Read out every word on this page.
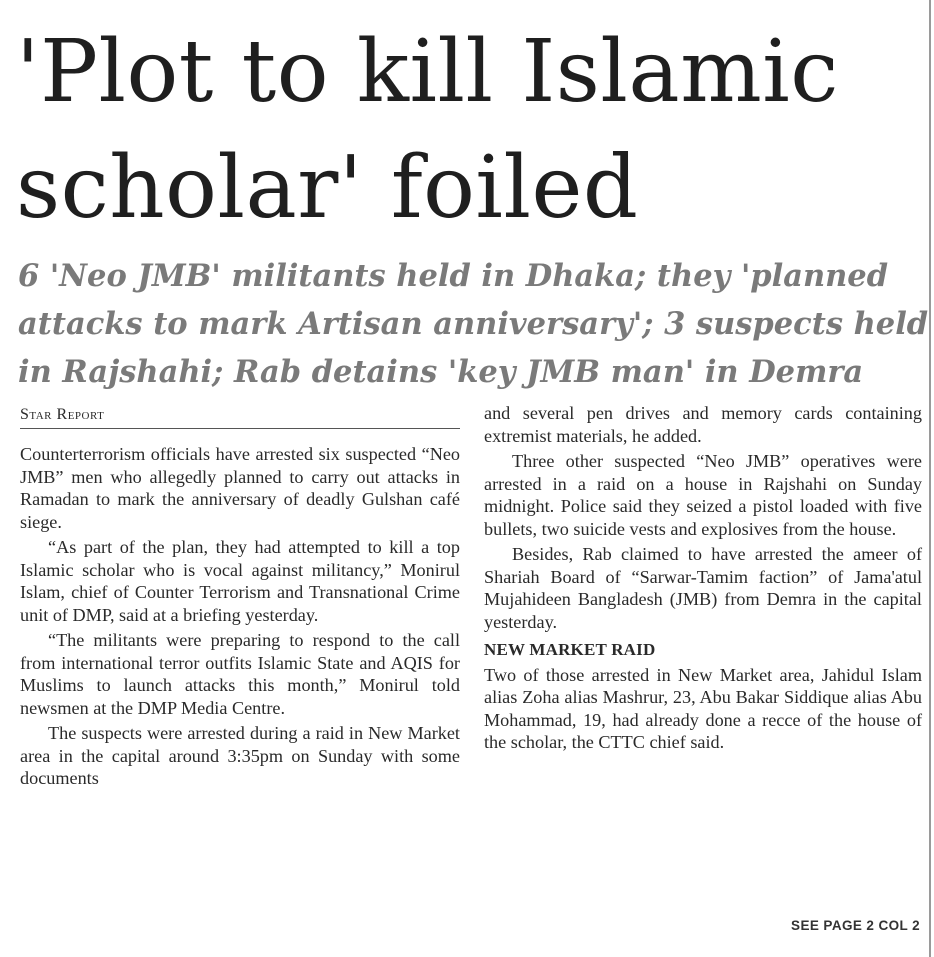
'Plot to kill Islamic
scholar' foiled
6 'Neo JMB' militants held in Dhaka; they 'planned
attacks to mark Artisan anniversary'; 3 suspects held
in Rajshahi; Rab detains 'key JMB man' in Demra
Star Report

Counterterrorism officials have arrested six suspected “Neo JMB” men who allegedly planned to carry out attacks in Ramadan to mark the anniversary of deadly Gulshan café siege.

“As part of the plan, they had attempted to kill a top Islamic scholar who is vocal against militancy,” Monirul Islam, chief of Counter Terrorism and Transnational Crime unit of DMP, said at a briefing yesterday.

“The militants were preparing to respond to the call from international terror outfits Islamic State and AQIS for Muslims to launch attacks this month,” Monirul told newsmen at the DMP Media Centre.

The suspects were arrested during a raid in New Market area in the capital around 3:35pm on Sunday with some documents

and several pen drives and memory cards containing extremist materials, he added.

Three other suspected “Neo JMB” operatives were arrested in a raid on a house in Rajshahi on Sunday midnight. Police said they seized a pistol loaded with five bullets, two suicide vests and explosives from the house.

Besides, Rab claimed to have arrested the ameer of Shariah Board of “Sarwar-Tamim faction” of Jama'atul Mujahideen Bangladesh (JMB) from Demra in the capital yesterday.

NEW MARKET RAID

Two of those arrested in New Market area, Jahidul Islam alias Zoha alias Mashrur, 23, Abu Bakar Siddique alias Abu Mohammad, 19, had already done a recce of the house of the scholar, the CTTC chief said.

SEE PAGE 2 COL 2
